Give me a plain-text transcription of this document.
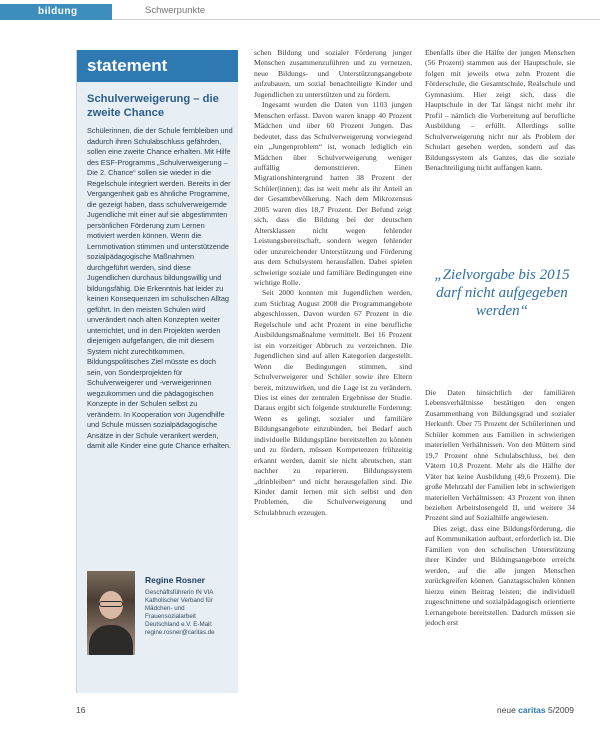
bildung	Schwerpunkte
statement
Schulverweigerung – die zweite Chance
Schülerinnen, die der Schule fernbleiben und dadurch ihren Schulabschluss gefährden, sollen eine zweite Chance erhalten. Mit Hilfe des ESF-Programms „Schulverweigerung – Die 2. Chance“ sollen sie wieder in die Regelschule integriert werden. Bereits in der Vergangenheit gab es ähnliche Programme, die gezeigt haben, dass schulverweigernde Jugendliche mit einer auf sie abgestimmten persönlichen Förderung zum Lernen motiviert werden können. Wenn die Lernmotivation stimmen und unterstützende sozialpädagogische Maßnahmen durchgeführt werden, sind diese Jugendlichen durchaus bildungswillig und bildungsfähig. Die Erkenntnis hat leider zu keinen Konsequenzen im schulischen Alltag geführt. In den meisten Schulen wird unverändert nach alten Konzepten weiter unterrichtet, und in den Projekten werden diejenigen aufgefangen, die mit diesem System nicht zurechtkommen. Bildungspolitisches Ziel müsste es doch sein, von Sonderprojekten für Schulverweigerer und -verweigerinnen wegzukommen und die pädagogischen Konzepte in der Schulen selbst zu verändern. In Kooperation von Jugendhilfe und Schule müssen sozialpädagogische Ansätze in der Schule verankert werden, damit alle Kinder eine gute Chance erhalten.
Regine Rosner
Geschäftsführerin IN VIA Katholischer Verband für Mädchen- und Frauensozialarbeit Deutschland e.V. E-Mail: regine.rosner@caritas.de

schen Bildung und sozialer Förderung junger Menschen zusammenzuführen und zu vernetzen, neue Bildungs- und Unterstützungsangebote aufzubauen, um sozial benachteiligte Kinder und Jugendlichen zu unterstützen und zu fördern.

Ingesamt wurden die Daten von 1103 jungen Menschen erfasst. Davon waren knapp 40 Prozent Mädchen und über 60 Prozent Jungen. Das bedeutet, dass das Schulverweigerung vorwiegend ein „Jungenproblem“ ist, wonach lediglich ein Mädchen über Schulverweigerung weniger auffällig demonstrieren. Einen Migrationshintergrund hatten 38 Prozent der Schüler(innen); das ist weit mehr als ihr Anteil an der Gesamtbevölkerung. Nach dem Mikrozensus 2005 waren dies 18,7 Prozent. Der Befund zeigt sich, dass die Bildung bei der deutschen Altersklassen nicht wegen fehlender Leistungsbereitschaft, sondern wegen fehlender oder unzureichender Unterstützung und Förderung aus dem Schulsystem herausfallen. Dabei spielen schwierige soziale und familiäre Bedingungen eine wichtige Rolle.

Seit 2000 konnten mit Jugendlichen werden, zum Stichtag August 2008 die Programmangebote abgeschlossen. Davon wurden 67 Prozent in die Regelschule und acht Prozent in eine berufliche Ausbildungsmaßnahme vermittelt. Bei 16 Prozent ist ein vorzeitiger Abbruch zu verzeichnen. Die Jugendlichen sind auf allen Kategorien dargestellt. Wenn die Bedingungen stimmen, sind Schulverweigerer und Schüler sowie ihre Eltern bereit, mitzuwirken, und die Lage ist zu verändern. Dies ist eines der zentralen Ergebnisse der Studie. Daraus ergibt sich folgende strukturelle Forderung: Wenn es gelingt, sozialer und familiäre Bildungsangebote einzubinden, bei Bedarf auch individuelle Bildungspläne bereitstellen zu können und zu fördern, müssen Kompetenzen frühzeitig erkannt werden, damit sie nicht abrutschen, statt nachher zu reparieren. Bildungssystem „drinbleiben“ und nicht herausgefallen sind. Die Kinder damit lernen mit sich selbst und den Problemen, die Schulverweigerung und Schulabbruch erzeugen.

Ebenfalls über die Hälfte der jungen Menschen (56 Prozent) stammen aus der Hauptschule, sie folgen mit jeweils etwa zehn Prozent die Förderschule, die Gesamtschule, Realschule und Gymnasium. Hier zeigt sich, dass die Hauptschule in der Tat längst nicht mehr ihr Profil – nämlich die Vorbereitung auf berufliche Ausbildung – erfüllt. Allerdings sollte Schulverweigerung nicht nur als Problem der Schulart gesehen werden, sondern auf das Bildungssystem als Ganzes, das die soziale Benachteiligung nicht auffangen kann.

„Zielvorgabe bis 2015 darf nicht aufgegeben werden“

Die Daten hinsichtlich der familiären Lebensverhältnisse bestätigen den engen Zusammenhang von Bildungsgrad und sozialer Herkunft. Über 75 Prozent der Schülerinnen und Schüler kommen aus Familien in schwierigen materiellen Verhältnissen. Von den Müttern sind 19,7 Prozent ohne Schulabschluss, bei den Vätern 10,8 Prozent. Mehr als die Hälfte der Väter hat keine Ausbildung (49,6 Prozent). Die große Mehrzahl der Familien lebt in schwierigen materiellen Verhältnissen: 43 Prozent von ihnen beziehen Arbeitslosengeld II, und weitere 34 Prozent sind auf Sozialhilfe angewiesen.

Dies zeigt, dass eine Bildungsförderung, die auf Kommunikation aufbaut, erforderlich ist. Die Familien von den schulischen Unterstützung ihrer Kinder und Bildungsangebote erreicht werden, auf die alle jungen Menschen zurückgreifen können. Ganztagsschulen können hierzu einen Beitrag leisten; die individuell zugeschnittene und sozialpädagogisch orientierte Lernangebote bereitstellen. Dadurch müssen sie jedoch erst

16	neue caritas 5/2009
